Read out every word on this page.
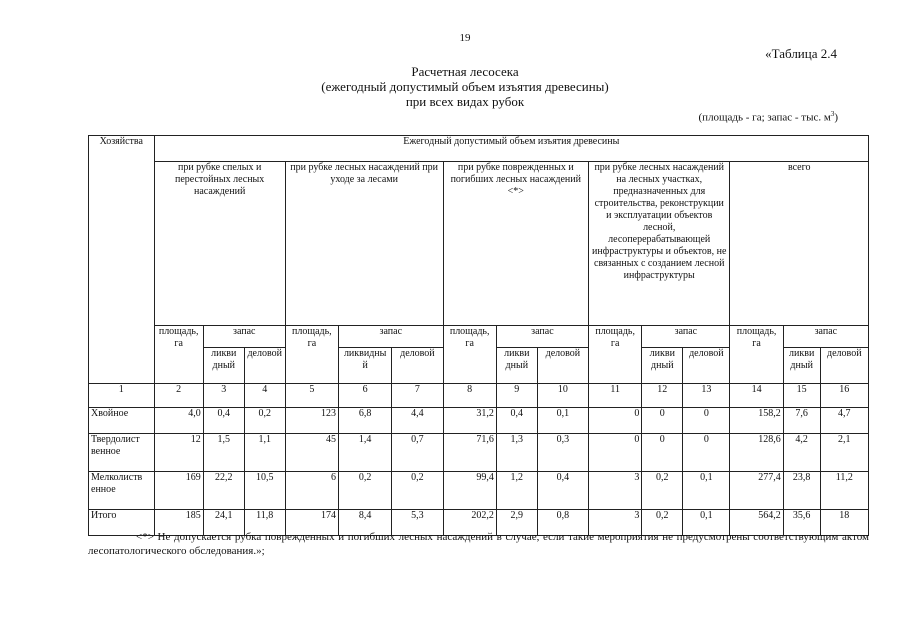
19
«Таблица 2.4
Расчетная лесосека
(ежегодный допустимый объем изъятия древесины)
при всех видах рубок
(площадь - га; запас - тыс. $м^3$)
Хозяйства	Ежегодный допустимый объем изъятия древесины														
	при рубке спелых и перестойных лесных насаждений			при рубке лесных насаждений при уходе за лесами			при рубке поврежденных и погибших лесных насаждений <*>			при рубке лесных насаждений на лесных участках, предназначенных для строительства, реконструкции и эксплуатации объектов лесной, лесоперерабатывающей инфраструктуры и объектов, не связанных с созданием лесной инфраструктуры			всего		
	площадь, га	запас		площадь, га	запас		площадь, га	запас		площадь, га	запас		площадь, га	запас	
		ликви дный	деловой		ликвидны й	деловой		ликви дный	деловой		ликви дный	деловой		ликви дный	деловой
1	2	3	4	5	6	7	8	9	10	11	12	13	14	15	16
Хвойное	4,0	0,4	0,2	123	6,8	4,4	31,2	0,4	0,1	0	0	0	158,2	7,6	4,7
Твердолист венное	12	1,5	1,1	45	1,4	0,7	71,6	1,3	0,3	0	0	0	128,6	4,2	2,1
Мелколиств енное	169	22,2	10,5	6	0,2	0,2	99,4	1,2	0,4	3	0,2	0,1	277,4	23,8	11,2
Итого	185	24,1	11,8	174	8,4	5,3	202,2	2,9	0,8	3	0,2	0,1	564,2	35,6	18
<*> Не допускается рубка поврежденных и погибших лесных насаждений в случае, если такие мероприятия не предусмотрены соответствующим актом лесопатологического обследования.»;
